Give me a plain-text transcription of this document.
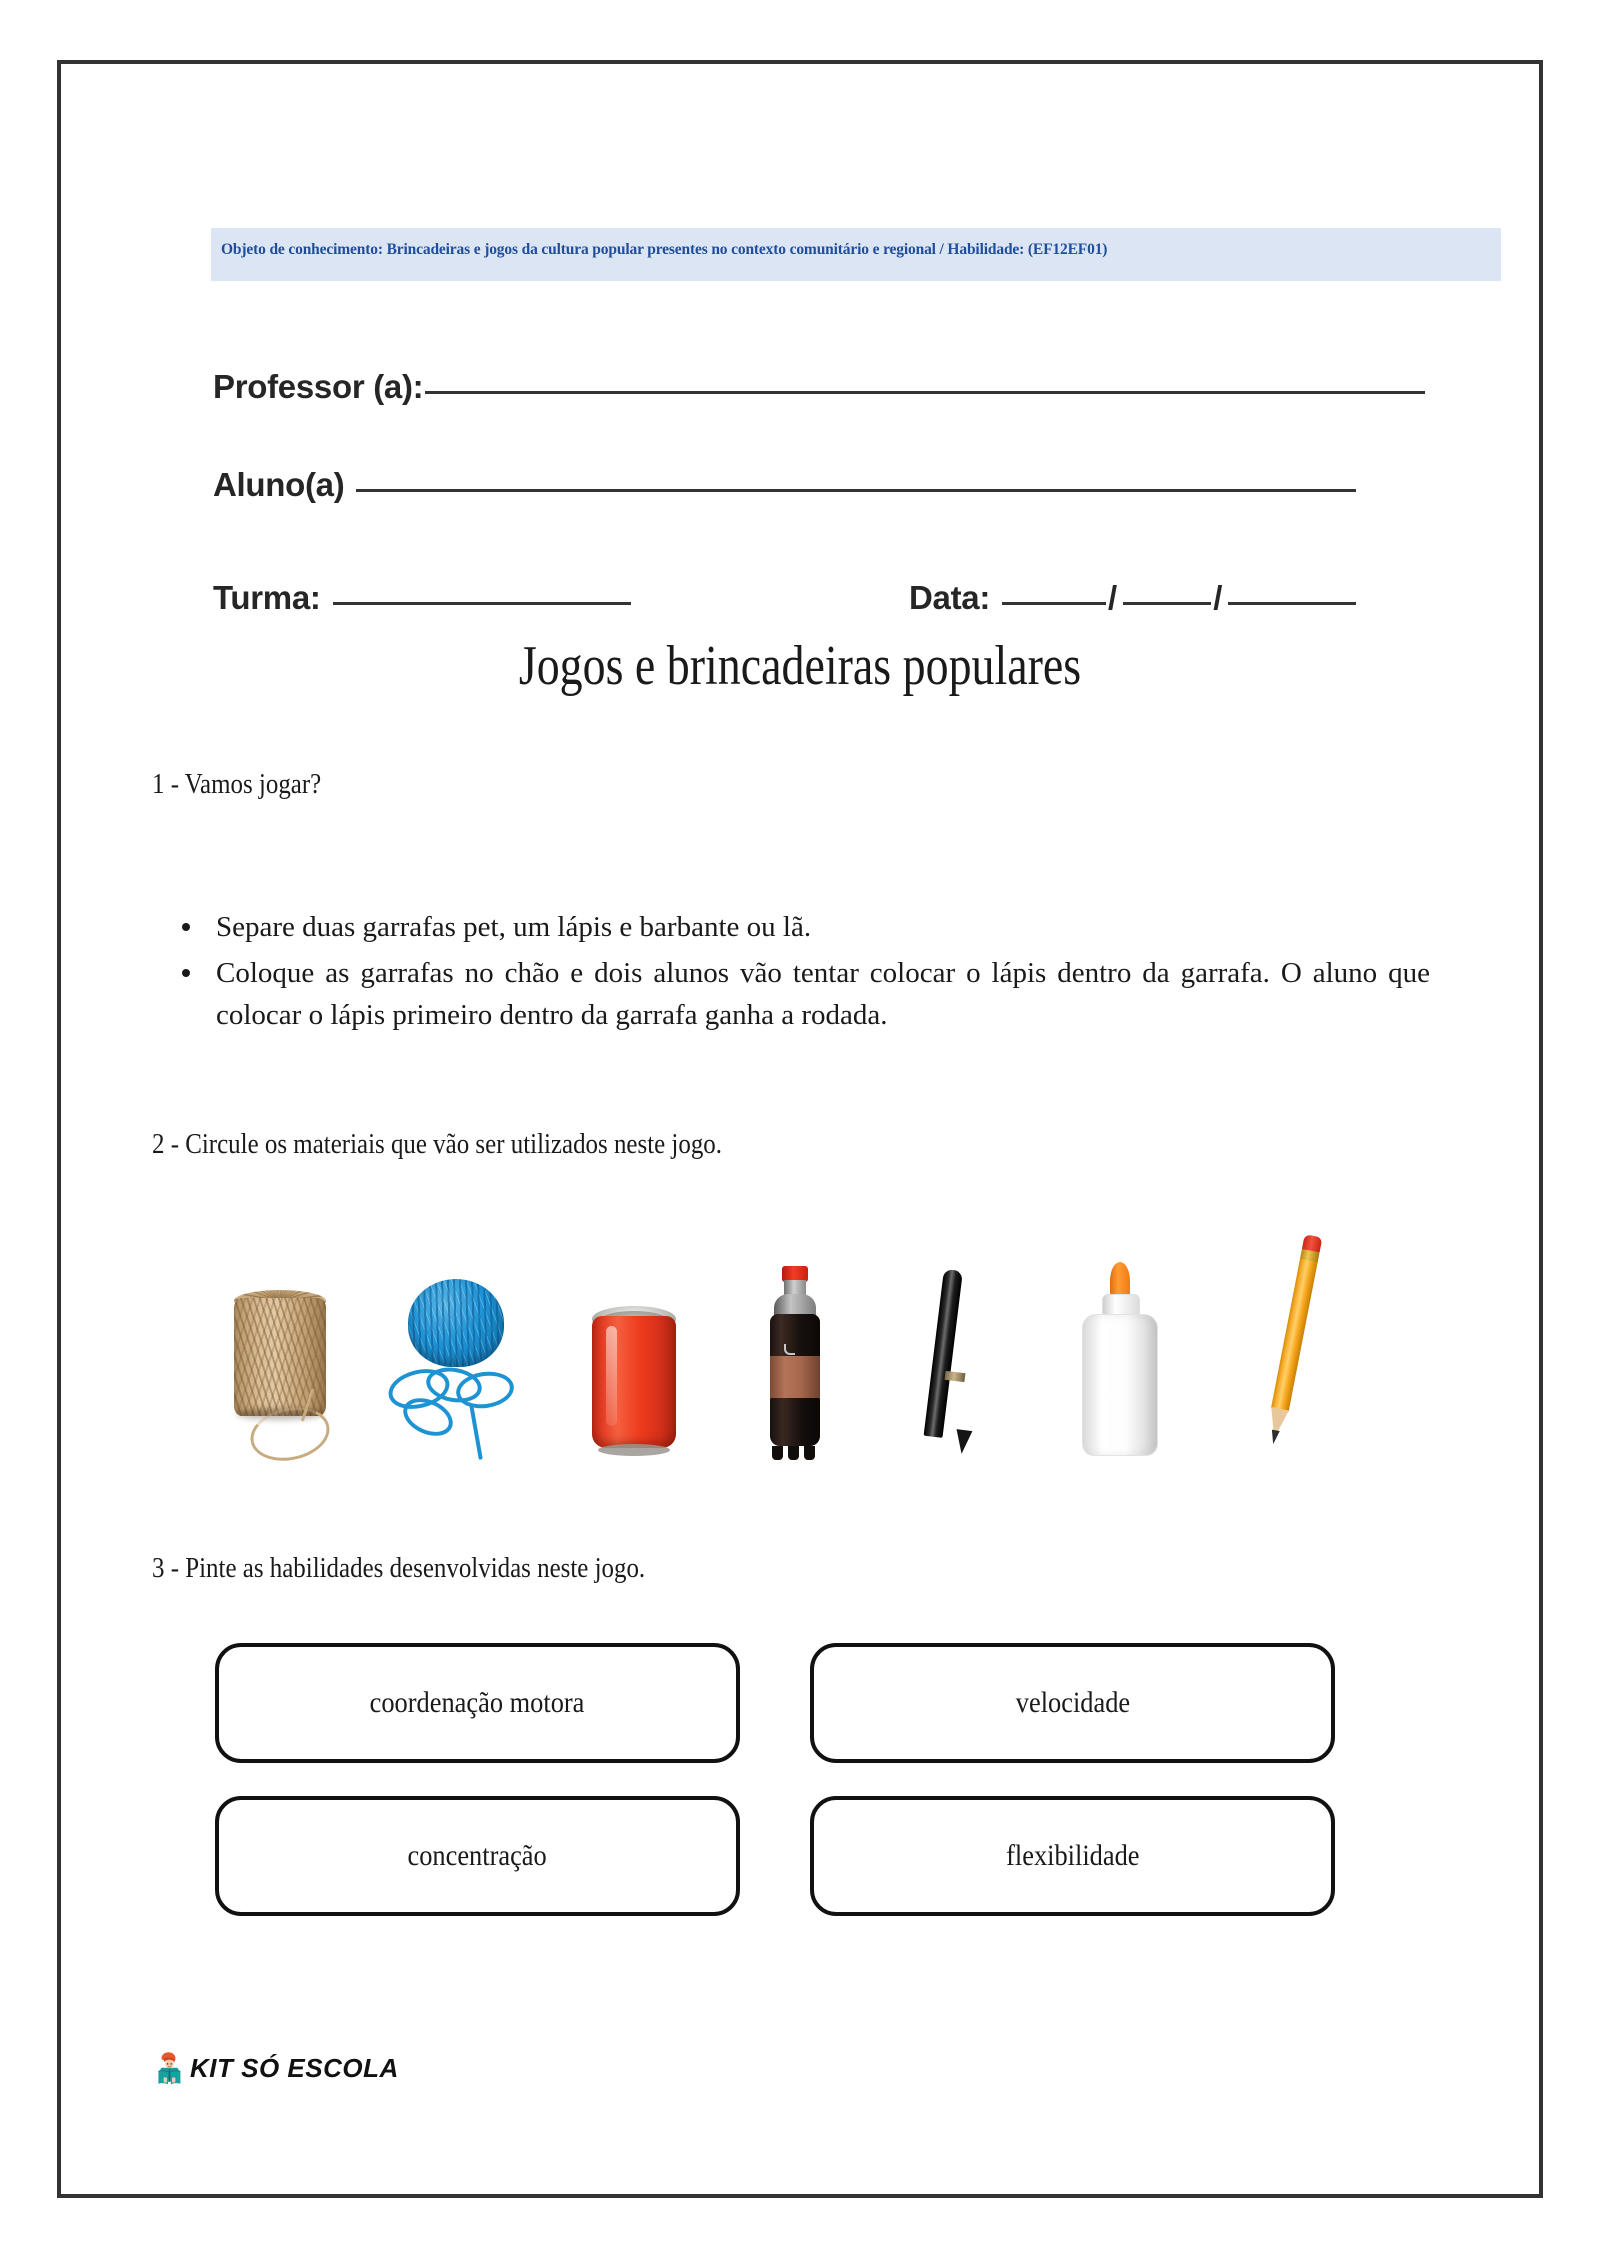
Objeto de conhecimento: Brincadeiras e jogos da cultura popular presentes no contexto comunitário e regional / Habilidade: (EF12EF01)
Professor (a):
Aluno(a)
Turma:	Data:	/	/
Jogos e brincadeiras populares
1 - Vamos jogar?
Separe duas garrafas pet, um lápis e barbante ou lã.
Coloque as garrafas no chão e dois alunos vão tentar colocar o lápis dentro da garrafa. O aluno que colocar o lápis primeiro dentro da garrafa ganha a rodada.
2 - Circule os materiais que vão ser utilizados neste jogo.
3 - Pinte as habilidades desenvolvidas neste jogo.
coordenação motora	velocidade
concentração	flexibilidade
KIT SÓ ESCOLA
